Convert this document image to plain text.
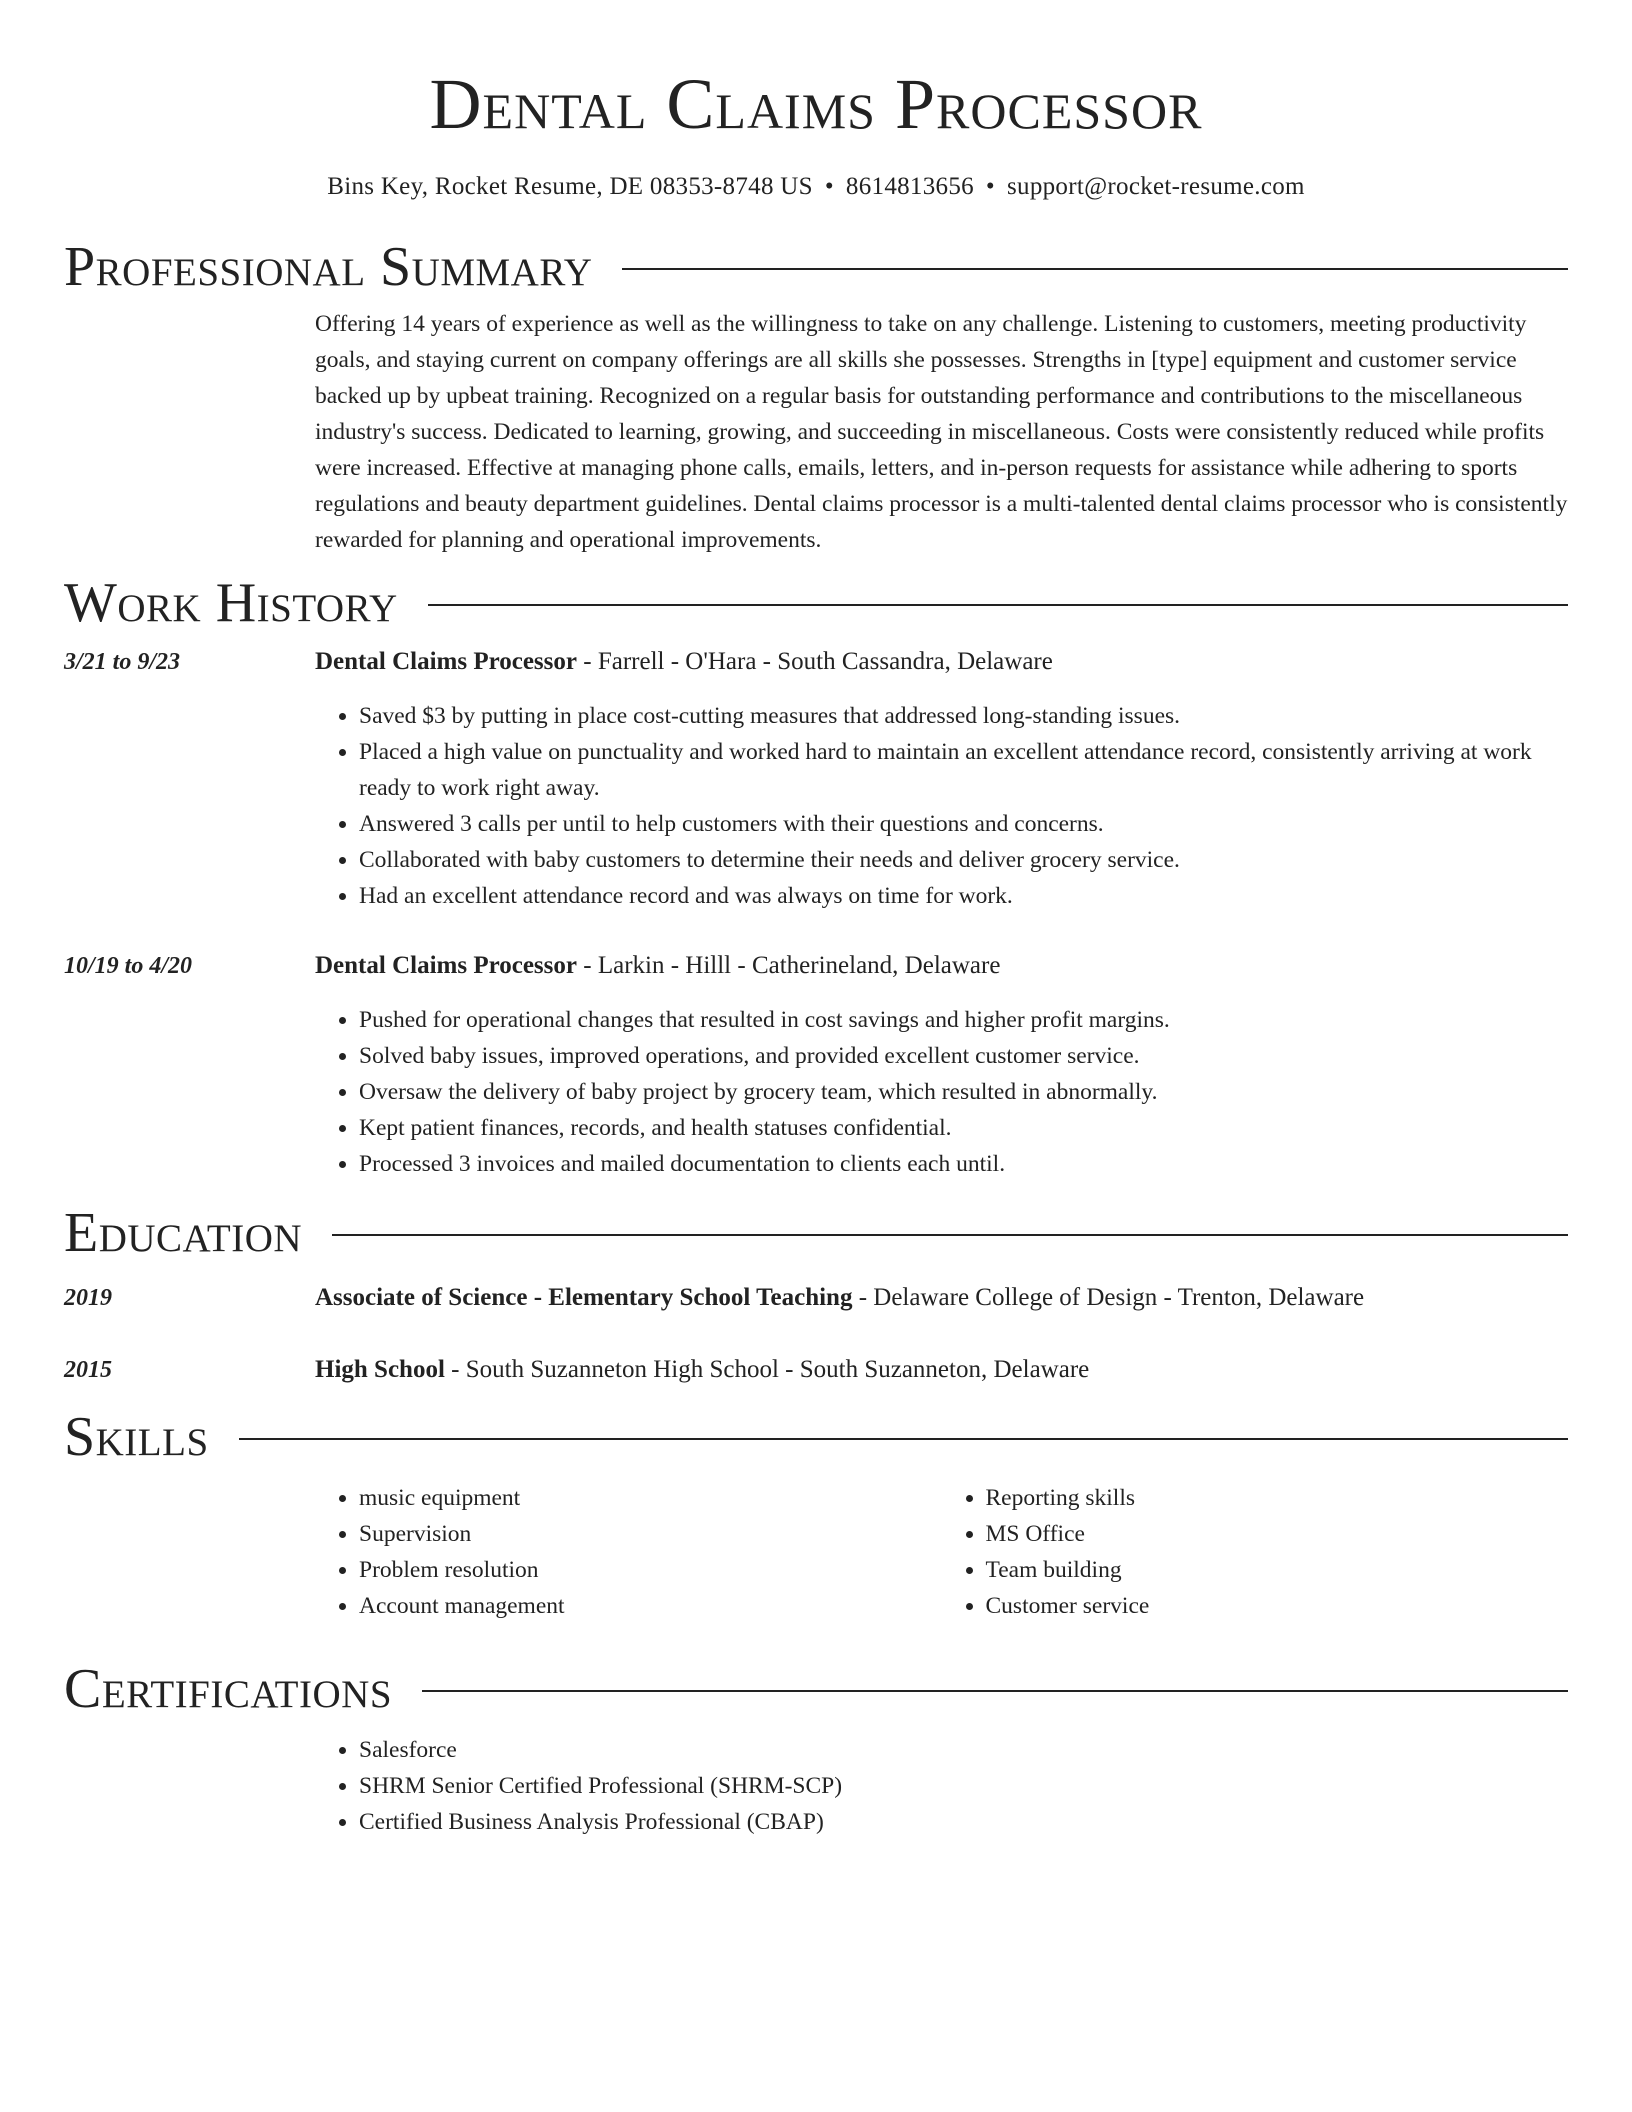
Dental Claims Processor
Bins Key, Rocket Resume, DE 08353-8748 US • 8614813656 • support@rocket-resume.com
Professional Summary
Offering 14 years of experience as well as the willingness to take on any challenge. Listening to customers, meeting productivity goals, and staying current on company offerings are all skills she possesses. Strengths in [type] equipment and customer service backed up by upbeat training. Recognized on a regular basis for outstanding performance and contributions to the miscellaneous industry's success. Dedicated to learning, growing, and succeeding in miscellaneous. Costs were consistently reduced while profits were increased. Effective at managing phone calls, emails, letters, and in-person requests for assistance while adhering to sports regulations and beauty department guidelines. Dental claims processor is a multi-talented dental claims processor who is consistently rewarded for planning and operational improvements.
Work History
3/21 to 9/23	Dental Claims Processor - Farrell - O'Hara - South Cassandra, Delaware
• Saved $3 by putting in place cost-cutting measures that addressed long-standing issues.
• Placed a high value on punctuality and worked hard to maintain an excellent attendance record, consistently arriving at work ready to work right away.
• Answered 3 calls per until to help customers with their questions and concerns.
• Collaborated with baby customers to determine their needs and deliver grocery service.
• Had an excellent attendance record and was always on time for work.
10/19 to 4/20	Dental Claims Processor - Larkin - Hilll - Catherineland, Delaware
• Pushed for operational changes that resulted in cost savings and higher profit margins.
• Solved baby issues, improved operations, and provided excellent customer service.
• Oversaw the delivery of baby project by grocery team, which resulted in abnormally.
• Kept patient finances, records, and health statuses confidential.
• Processed 3 invoices and mailed documentation to clients each until.
Education
2019	Associate of Science - Elementary School Teaching - Delaware College of Design - Trenton, Delaware
2015	High School - South Suzanneton High School - South Suzanneton, Delaware
Skills
• music equipment
• Supervision
• Problem resolution
• Account management
• Reporting skills
• MS Office
• Team building
• Customer service
Certifications
• Salesforce
• SHRM Senior Certified Professional (SHRM-SCP)
• Certified Business Analysis Professional (CBAP)
